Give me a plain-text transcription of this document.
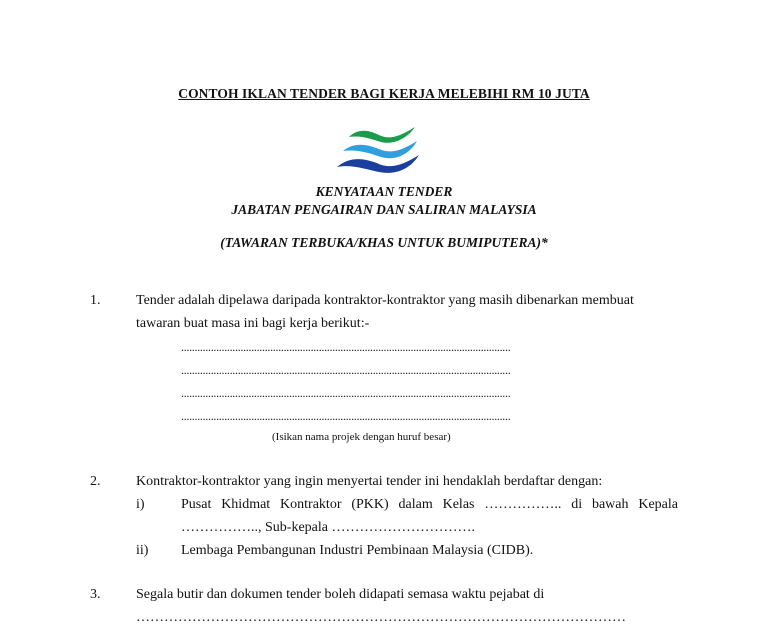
CONTOH IKLAN TENDER BAGI KERJA MELEBIHI RM 10 JUTA
KENYATAAN TENDER
JABATAN PENGAIRAN DAN SALIRAN MALAYSIA
(TAWARAN TERBUKA/KHAS UNTUK BUMIPUTERA)*
1.	Tender adalah dipelawa daripada kontraktor-kontraktor yang masih dibenarkan membuat
tawaran buat masa ini bagi kerja berikut:-
..........................................................................................................................
..........................................................................................................................
..........................................................................................................................
..........................................................................................................................
(Isikan nama projek dengan huruf besar)
2.	Kontraktor-kontraktor yang ingin menyertai tender ini hendaklah berdaftar dengan:
i)	Pusat Khidmat Kontraktor (PKK) dalam Kelas …………….. di bawah Kepala
…………….., Sub-kepala ………………………….
ii) Lembaga Pembangunan Industri Pembinaan Malaysia (CIDB).
3.	Segala butir dan dokumen tender boleh didapati semasa waktu pejabat di
……………………………………………………………………………………………
